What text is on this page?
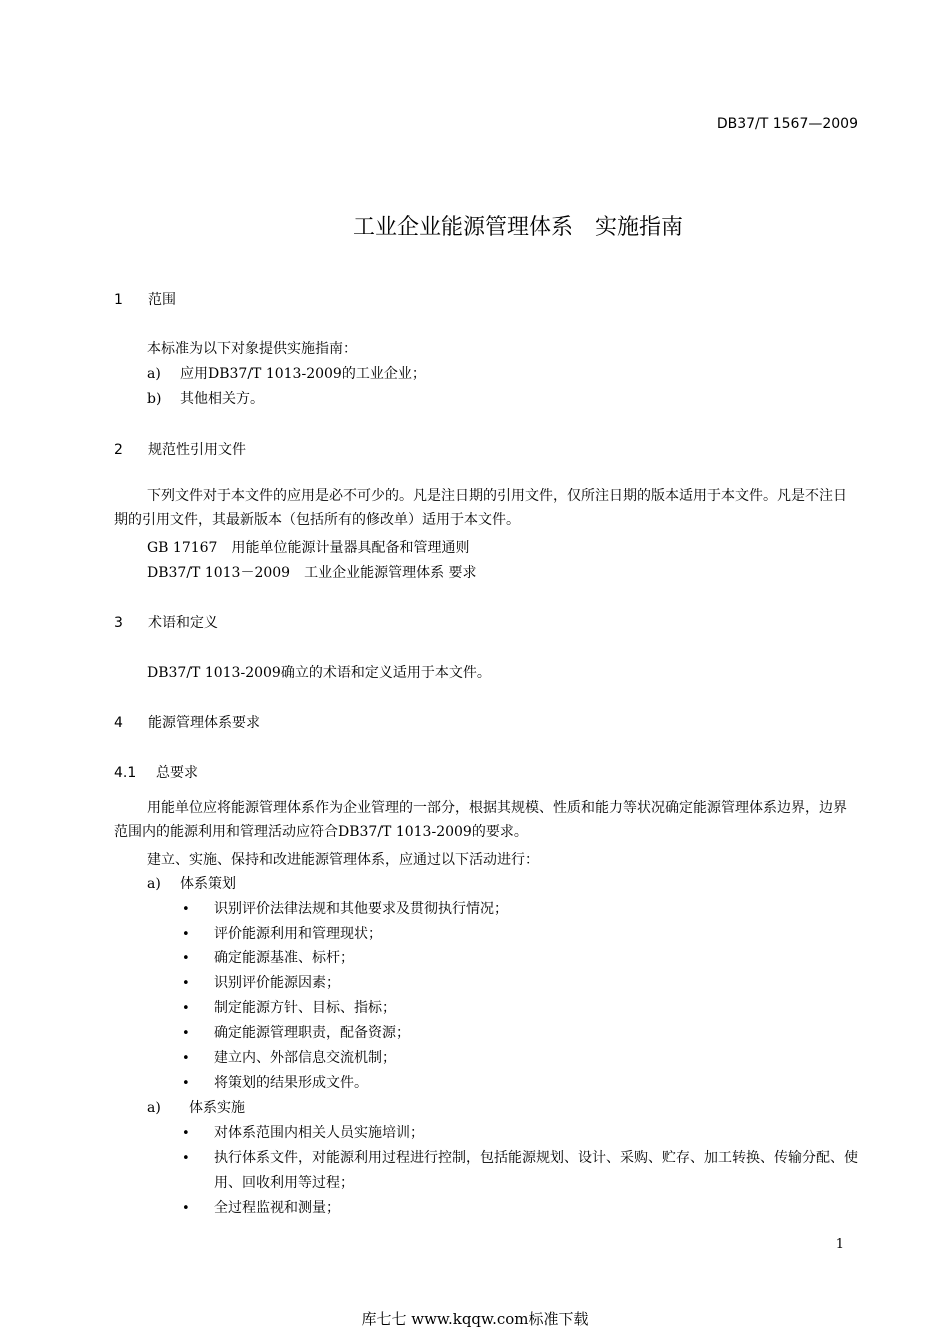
DB37/T 1567—2009
工业企业能源管理体系　实施指南
1 范围
本标准为以下对象提供实施指南：
a) 应用DB37/T 1013-2009的工业企业；
b) 其他相关方。
2 规范性引用文件
下列文件对于本文件的应用是必不可少的。凡是注日期的引用文件，仅所注日期的版本适用于本文件。凡是不注日期的引用文件，其最新版本（包括所有的修改单）适用于本文件。
GB 17167　用能单位能源计量器具配备和管理通则
DB37/T 1013－2009　工业企业能源管理体系 要求
3 术语和定义
DB37/T 1013-2009确立的术语和定义适用于本文件。
4 能源管理体系要求
4.1 总要求
用能单位应将能源管理体系作为企业管理的一部分，根据其规模、性质和能力等状况确定能源管理体系边界，边界范围内的能源利用和管理活动应符合DB37/T 1013-2009的要求。
建立、实施、保持和改进能源管理体系，应通过以下活动进行：
a) 体系策划
• 识别评价法律法规和其他要求及贯彻执行情况；
• 评价能源利用和管理现状；
• 确定能源基准、标杆；
• 识别评价能源因素；
• 制定能源方针、目标、指标；
• 确定能源管理职责，配备资源；
• 建立内、外部信息交流机制；
• 将策划的结果形成文件。
a) 体系实施
• 对体系范围内相关人员实施培训；
•	执行体系文件，对能源利用过程进行控制，包括能源规划、设计、采购、贮存、加工转换、传输分配、使用、回收利用等过程；
• 全过程监视和测量；
1
库七七 www.kqqw.com标准下载
